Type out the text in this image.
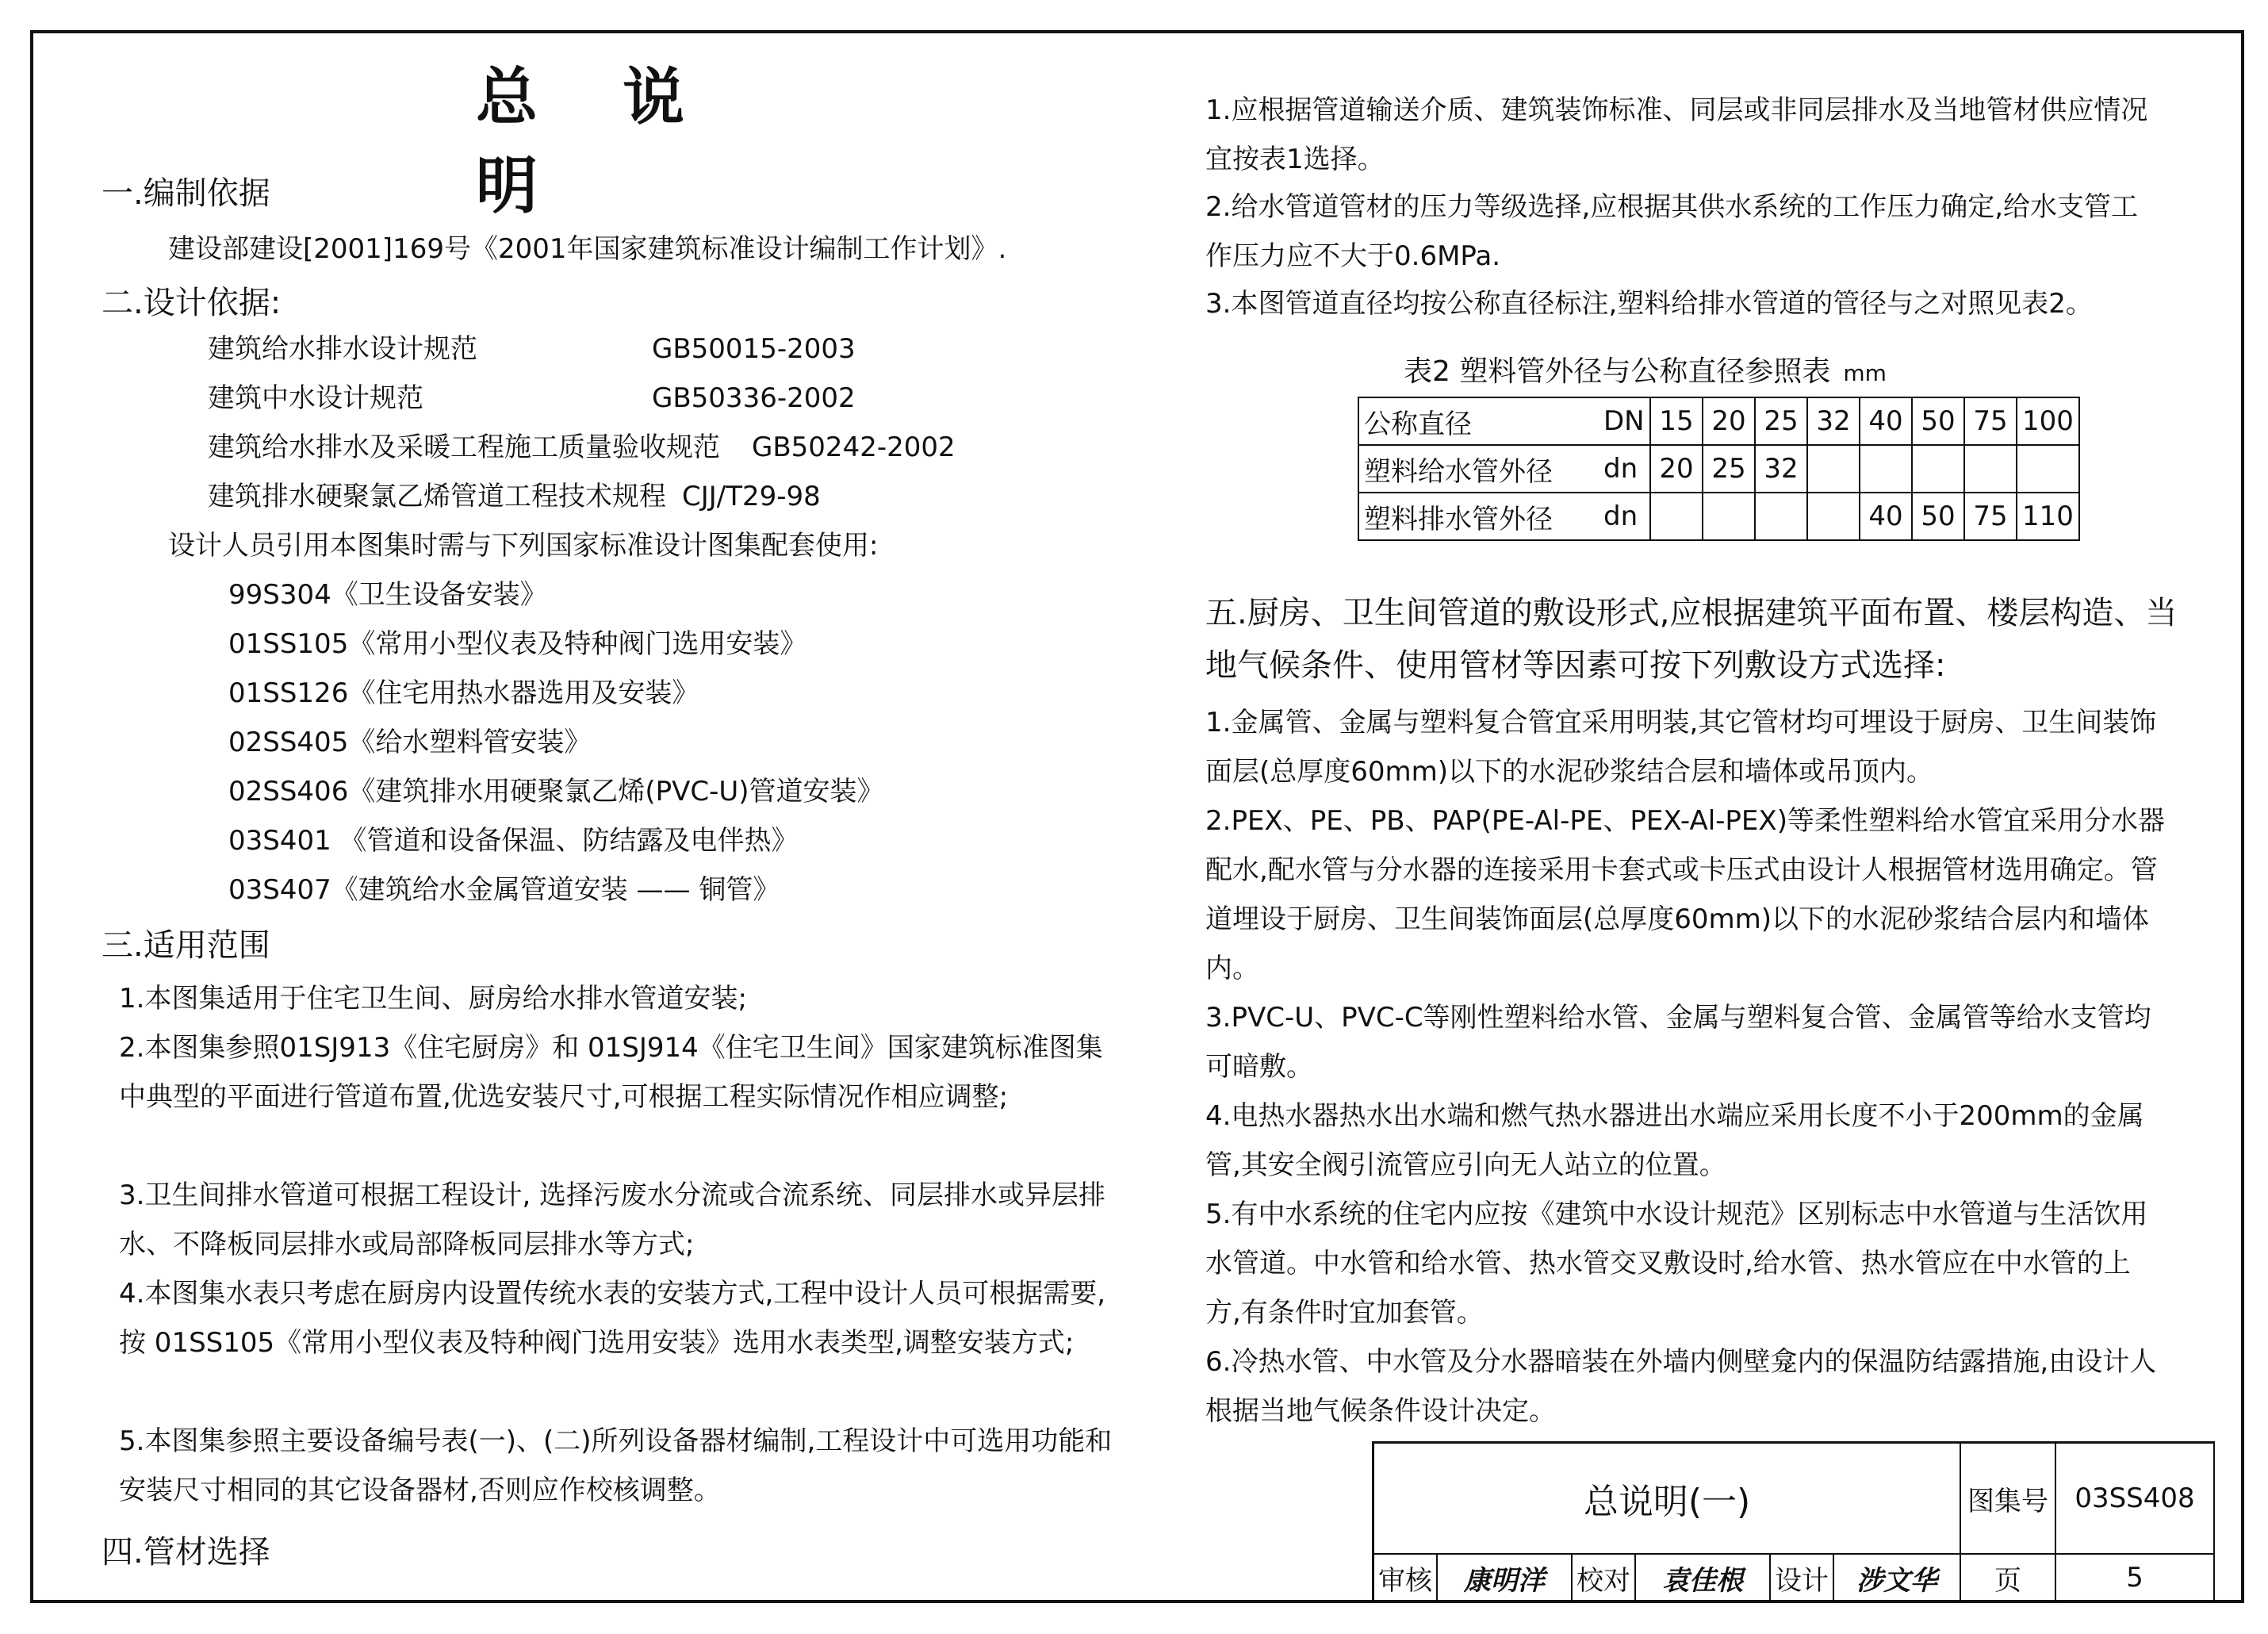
总 说 明
一.编制依据
建设部建设[2001]169号《2001年国家建筑标准设计编制工作计划》.
二.设计依据:
建筑给水排水设计规范	GB50015-2003
建筑中水设计规范	GB50336-2002
建筑给水排水及采暖工程施工质量验收规范 GB50242-2002
建筑排水硬聚氯乙烯管道工程技术规程 CJJ/T29-98
设计人员引用本图集时需与下列国家标准设计图集配套使用:
99S304《卫生设备安装》
01SS105《常用小型仪表及特种阀门选用安装》
01SS126《住宅用热水器选用及安装》
02SS405《给水塑料管安装》
02SS406《建筑排水用硬聚氯乙烯(PVC-U)管道安装》
03S401 《管道和设备保温、防结露及电伴热》
03S407《建筑给水金属管道安装 —— 铜管》
三.适用范围
1.本图集适用于住宅卫生间、厨房给水排水管道安装;
2.本图集参照01SJ913《住宅厨房》和 01SJ914《住宅卫生间》国家建筑标准图集中典型的平面进行管道布置,优选安装尺寸,可根据工程实际情况作相应调整;
3.卫生间排水管道可根据工程设计, 选择污废水分流或合流系统、同层排水或异层排水、不降板同层排水或局部降板同层排水等方式;
4.本图集水表只考虑在厨房内设置传统水表的安装方式,工程中设计人员可根据需要,按 01SS105《常用小型仪表及特种阀门选用安装》选用水表类型,调整安装方式;
5.本图集参照主要设备编号表(一)、(二)所列设备器材编制,工程设计中可选用功能和安装尺寸相同的其它设备器材,否则应作校核调整。
四.管材选择
1.应根据管道输送介质、建筑装饰标准、同层或非同层排水及当地管材供应情况宜按表1选择。
2.给水管道管材的压力等级选择,应根据其供水系统的工作压力确定,给水支管工作压力应不大于0.6MPa.
3.本图管道直径均按公称直径标注,塑料给排水管道的管径与之对照见表2。
表2 塑料管外径与公称直径参照表 mm
公称直径	DN	15	20	25	32	40	50	75	100
塑料给水管外径	dn	20	25	32					
塑料排水管外径	dn					40	50	75	110
五.厨房、卫生间管道的敷设形式,应根据建筑平面布置、楼层构造、当地气候条件、使用管材等因素可按下列敷设方式选择:
1.金属管、金属与塑料复合管宜采用明装,其它管材均可埋设于厨房、卫生间装饰面层(总厚度60mm)以下的水泥砂浆结合层和墙体或吊顶内。
2.PEX、PE、PB、PAP(PE-Al-PE、PEX-Al-PEX)等柔性塑料给水管宜采用分水器配水,配水管与分水器的连接采用卡套式或卡压式由设计人根据管材选用确定。管道埋设于厨房、卫生间装饰面层(总厚度60mm)以下的水泥砂浆结合层内和墙体内。
3.PVC-U、PVC-C等刚性塑料给水管、金属与塑料复合管、金属管等给水支管均可暗敷。
4.电热水器热水出水端和燃气热水器进出水端应采用长度不小于200mm的金属管,其安全阀引流管应引向无人站立的位置。
5.有中水系统的住宅内应按《建筑中水设计规范》区别标志中水管道与生活饮用水管道。中水管和给水管、热水管交叉敷设时,给水管、热水管应在中水管的上方,有条件时宜加套管。
6.冷热水管、中水管及分水器暗装在外墙内侧壁龛内的保温防结露措施,由设计人根据当地气候条件设计决定。
总说明(一)	图集号 03SS408
审核	康明洋	校对	袁佳根	设计	涉文华	页	5
